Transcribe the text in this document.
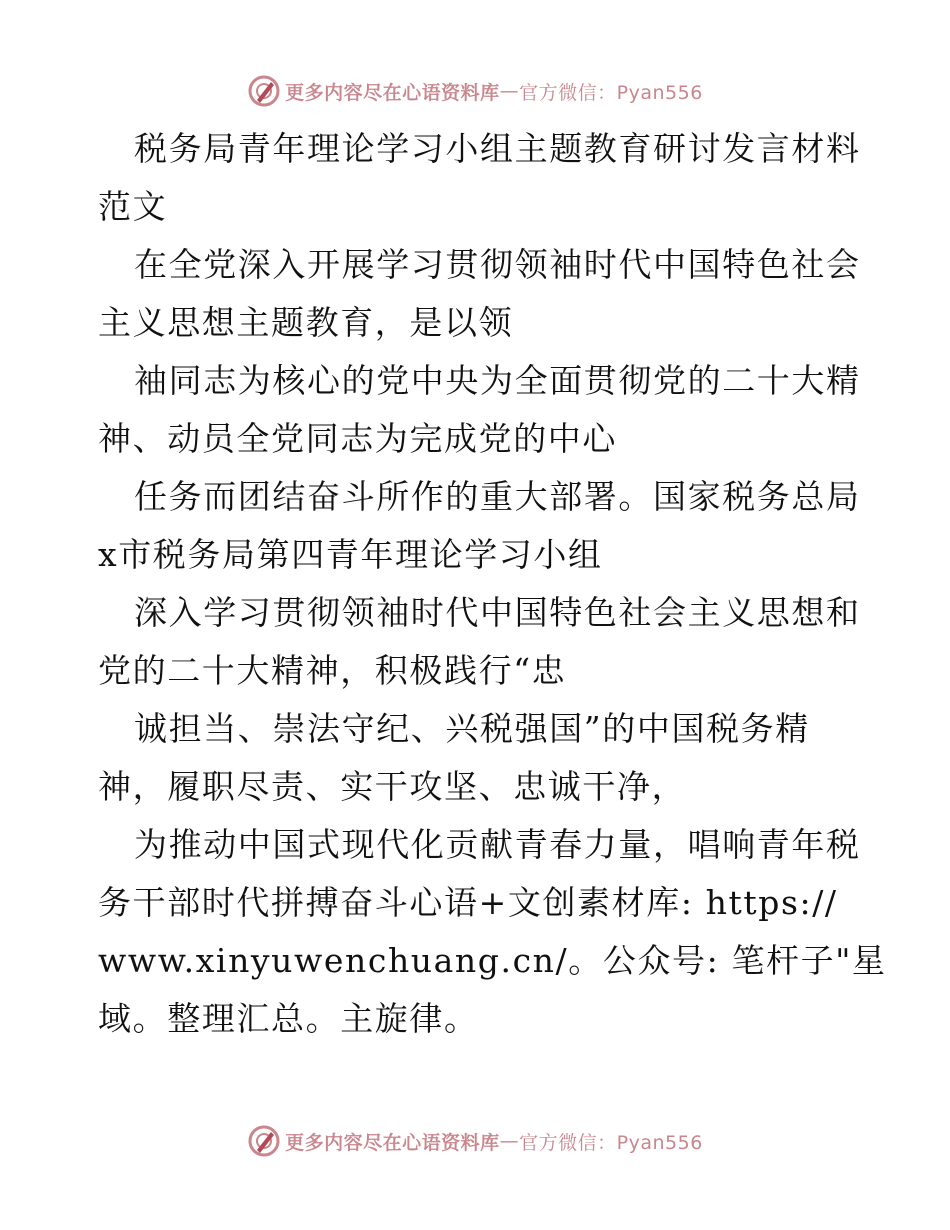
更多内容尽在心语资料库 — 官方微信：Pyan556
税务局青年理论学习小组主题教育研讨发言材料
范文
在全党深入开展学习贯彻领袖时代中国特色社会
主义思想主题教育，是以领
袖同志为核心的党中央为全面贯彻党的二十大精
神、动员全党同志为完成党的中心
任务而团结奋斗所作的重大部署。国家税务总局
x市税务局第四青年理论学习小组
深入学习贯彻领袖时代中国特色社会主义思想和
党的二十大精神，积极践行“忠
诚担当、崇法守纪、兴税强国”的中国税务精
神，履职尽责、实干攻坚、忠诚干净，
为推动中国式现代化贡献青春力量，唱响青年税
务干部时代拼搏奋斗心语+文创素材库: https://
www.xinyuwenchuang.cn/。公众号: 笔杆子"星
域。整理汇总。主旋律。
更多内容尽在心语资料库 — 官方微信：Pyan556
